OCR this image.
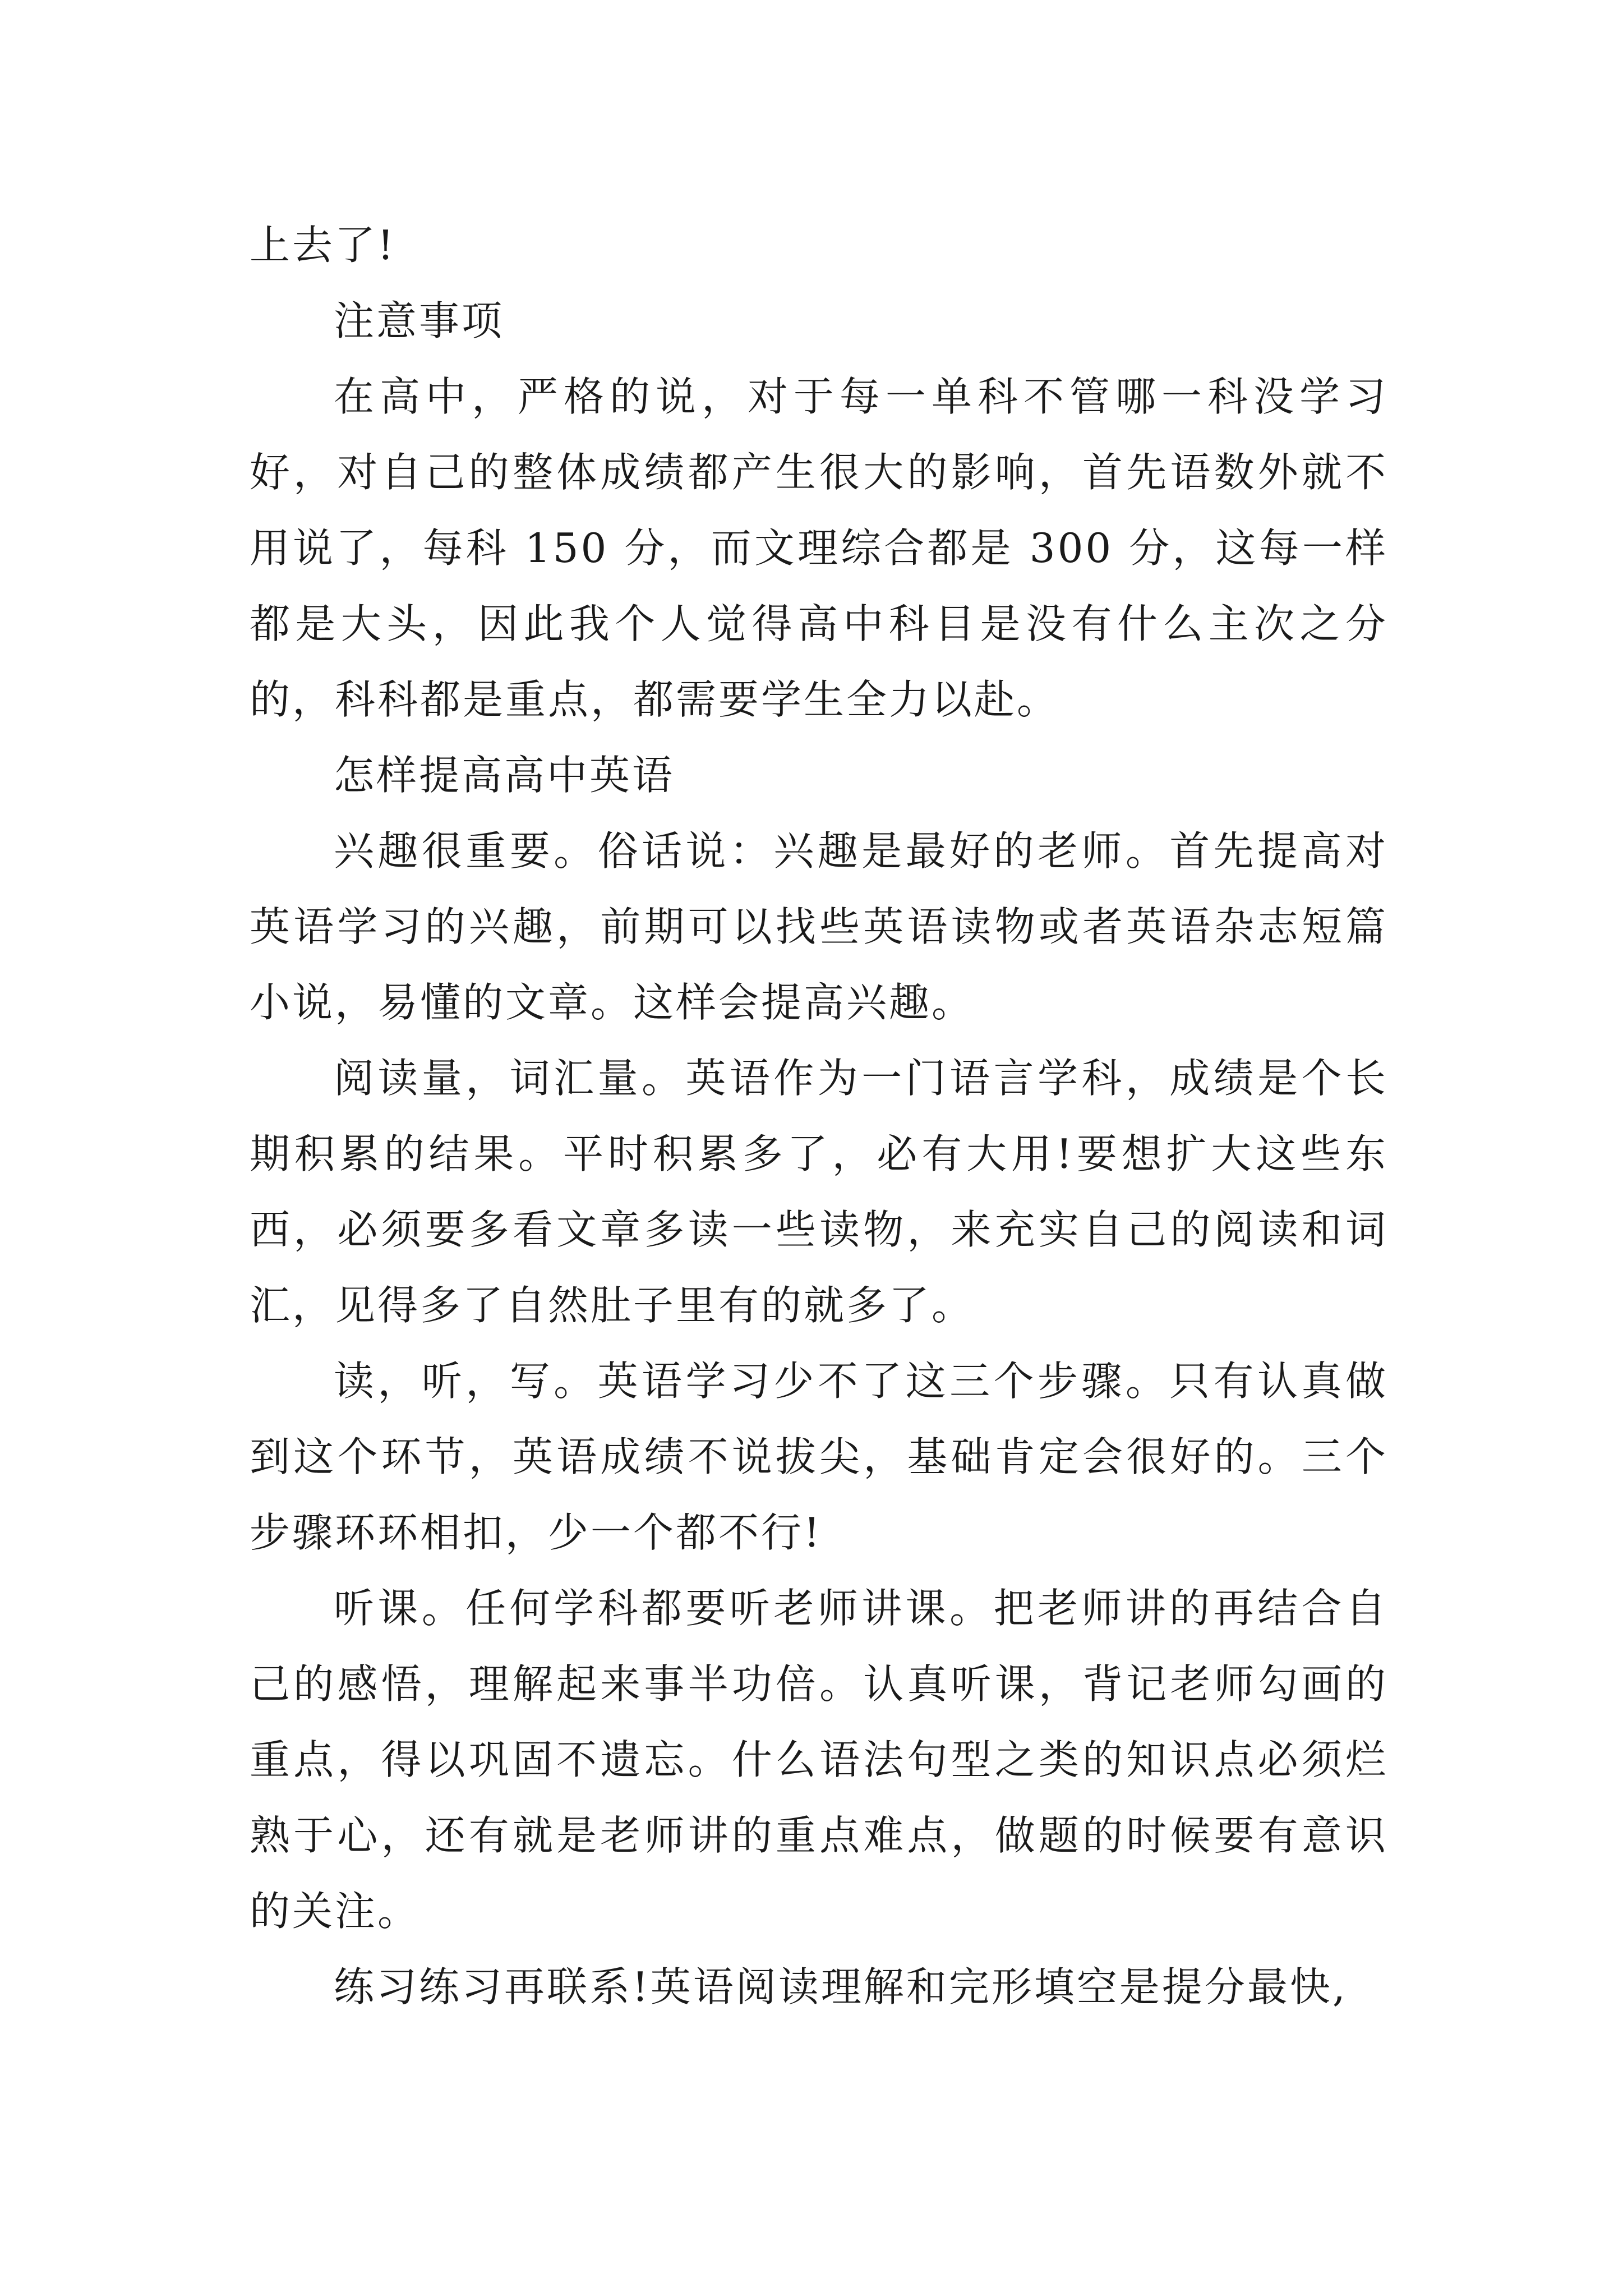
上去了!

注意事项

在高中，严格的说，对于每一单科不管哪一科没学习好，对自己的整体成绩都产生很大的影响，首先语数外就不用说了，每科 150 分，而文理综合都是 300 分，这每一样都是大头，因此我个人觉得高中科目是没有什么主次之分的，科科都是重点，都需要学生全力以赴。

怎样提高高中英语

兴趣很重要。俗话说：兴趣是最好的老师。首先提高对英语学习的兴趣，前期可以找些英语读物或者英语杂志短篇小说，易懂的文章。这样会提高兴趣。

阅读量，词汇量。英语作为一门语言学科，成绩是个长期积累的结果。平时积累多了，必有大用!要想扩大这些东西，必须要多看文章多读一些读物，来充实自己的阅读和词汇，见得多了自然肚子里有的就多了。

读，听，写。英语学习少不了这三个步骤。只有认真做到这个环节，英语成绩不说拔尖，基础肯定会很好的。三个步骤环环相扣，少一个都不行!

听课。任何学科都要听老师讲课。把老师讲的再结合自己的感悟，理解起来事半功倍。认真听课，背记老师勾画的重点，得以巩固不遗忘。什么语法句型之类的知识点必须烂熟于心，还有就是老师讲的重点难点，做题的时候要有意识的关注。

练习练习再联系!英语阅读理解和完形填空是提分最快,
